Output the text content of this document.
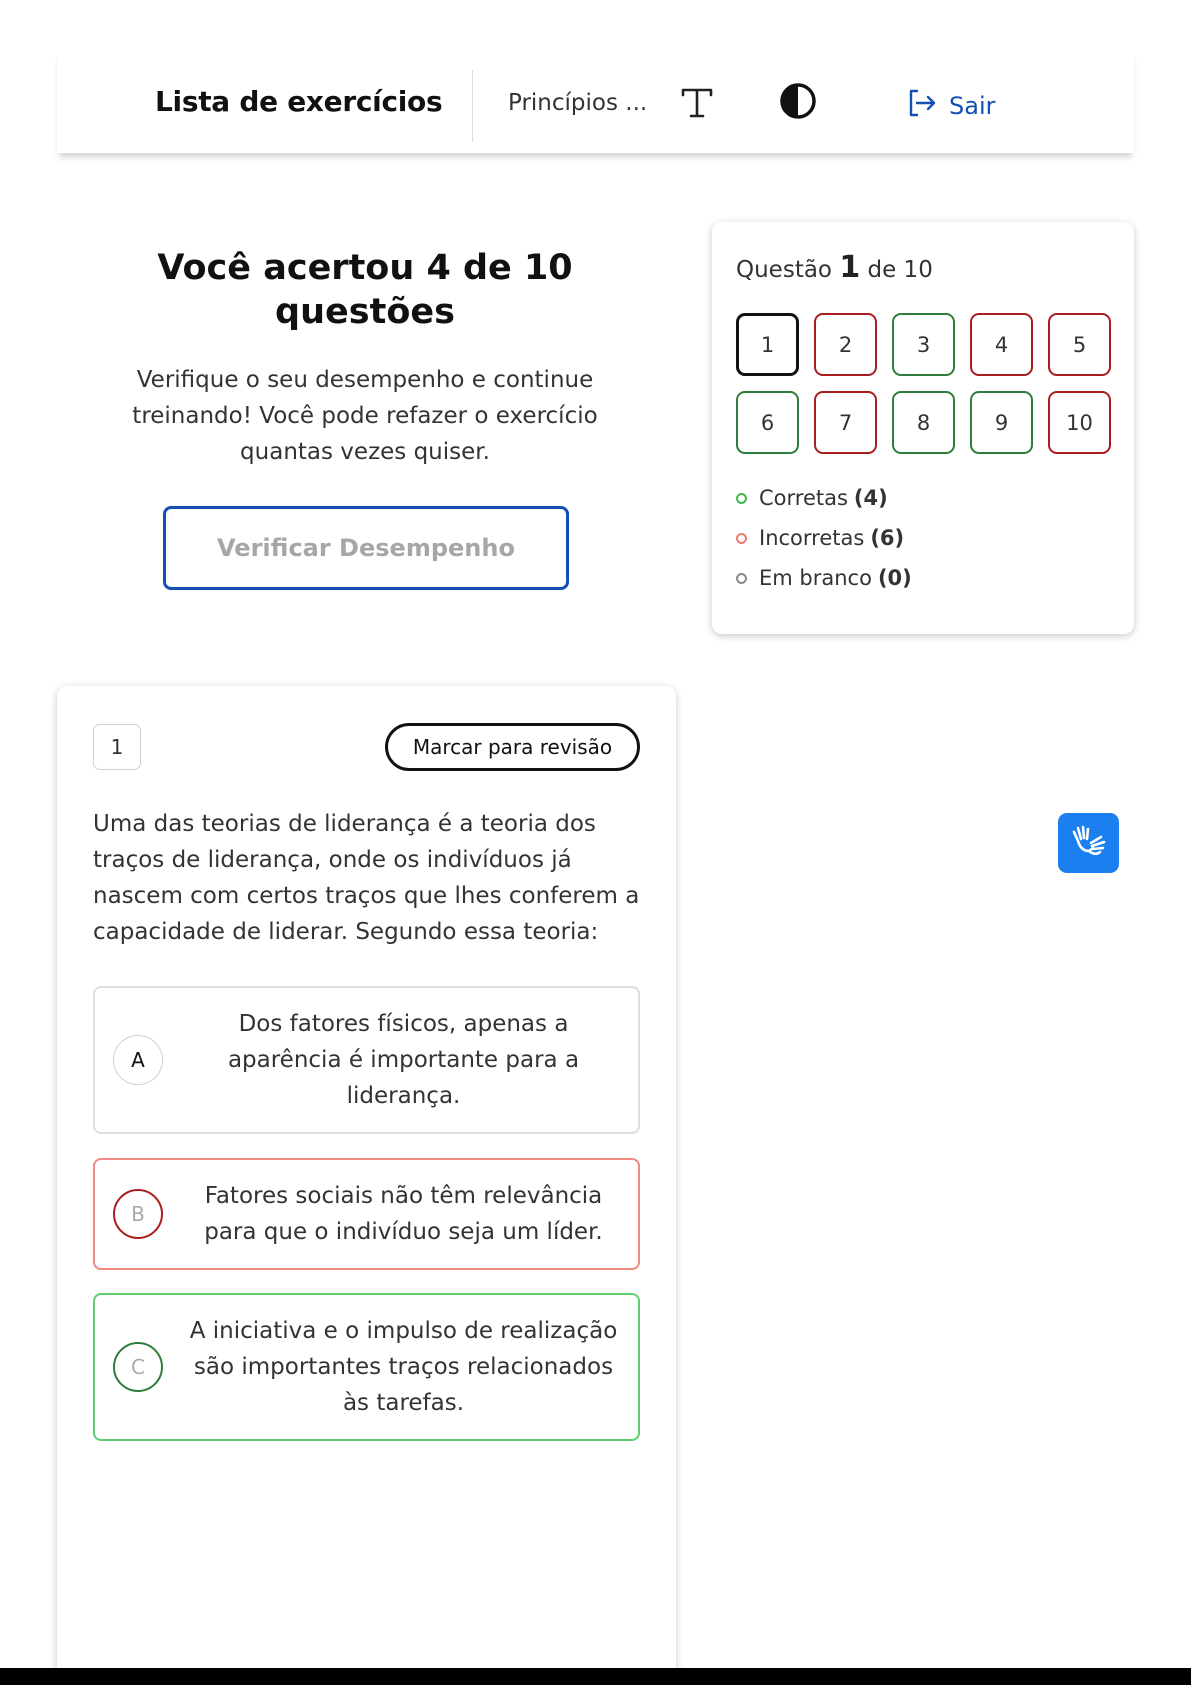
Lista de exercícios	Princípios ...	Sair
Você acertou 4 de 10 questões
Verifique o seu desempenho e continue treinando! Você pode refazer o exercício quantas vezes quiser.
Verificar Desempenho
Questão 1 de 10
1	2	3	4	5
6	7	8	9	10
Corretas (4)
Incorretas (6)
Em branco (0)
1	Marcar para revisão
Uma das teorias de liderança é a teoria dos traços de liderança, onde os indivíduos já nascem com certos traços que lhes conferem a capacidade de liderar. Segundo essa teoria:
A
Dos fatores físicos, apenas a aparência é importante para a liderança.
B
Fatores sociais não têm relevância para que o indivíduo seja um líder.
C
A iniciativa e o impulso de realização são importantes traços relacionados às tarefas.
